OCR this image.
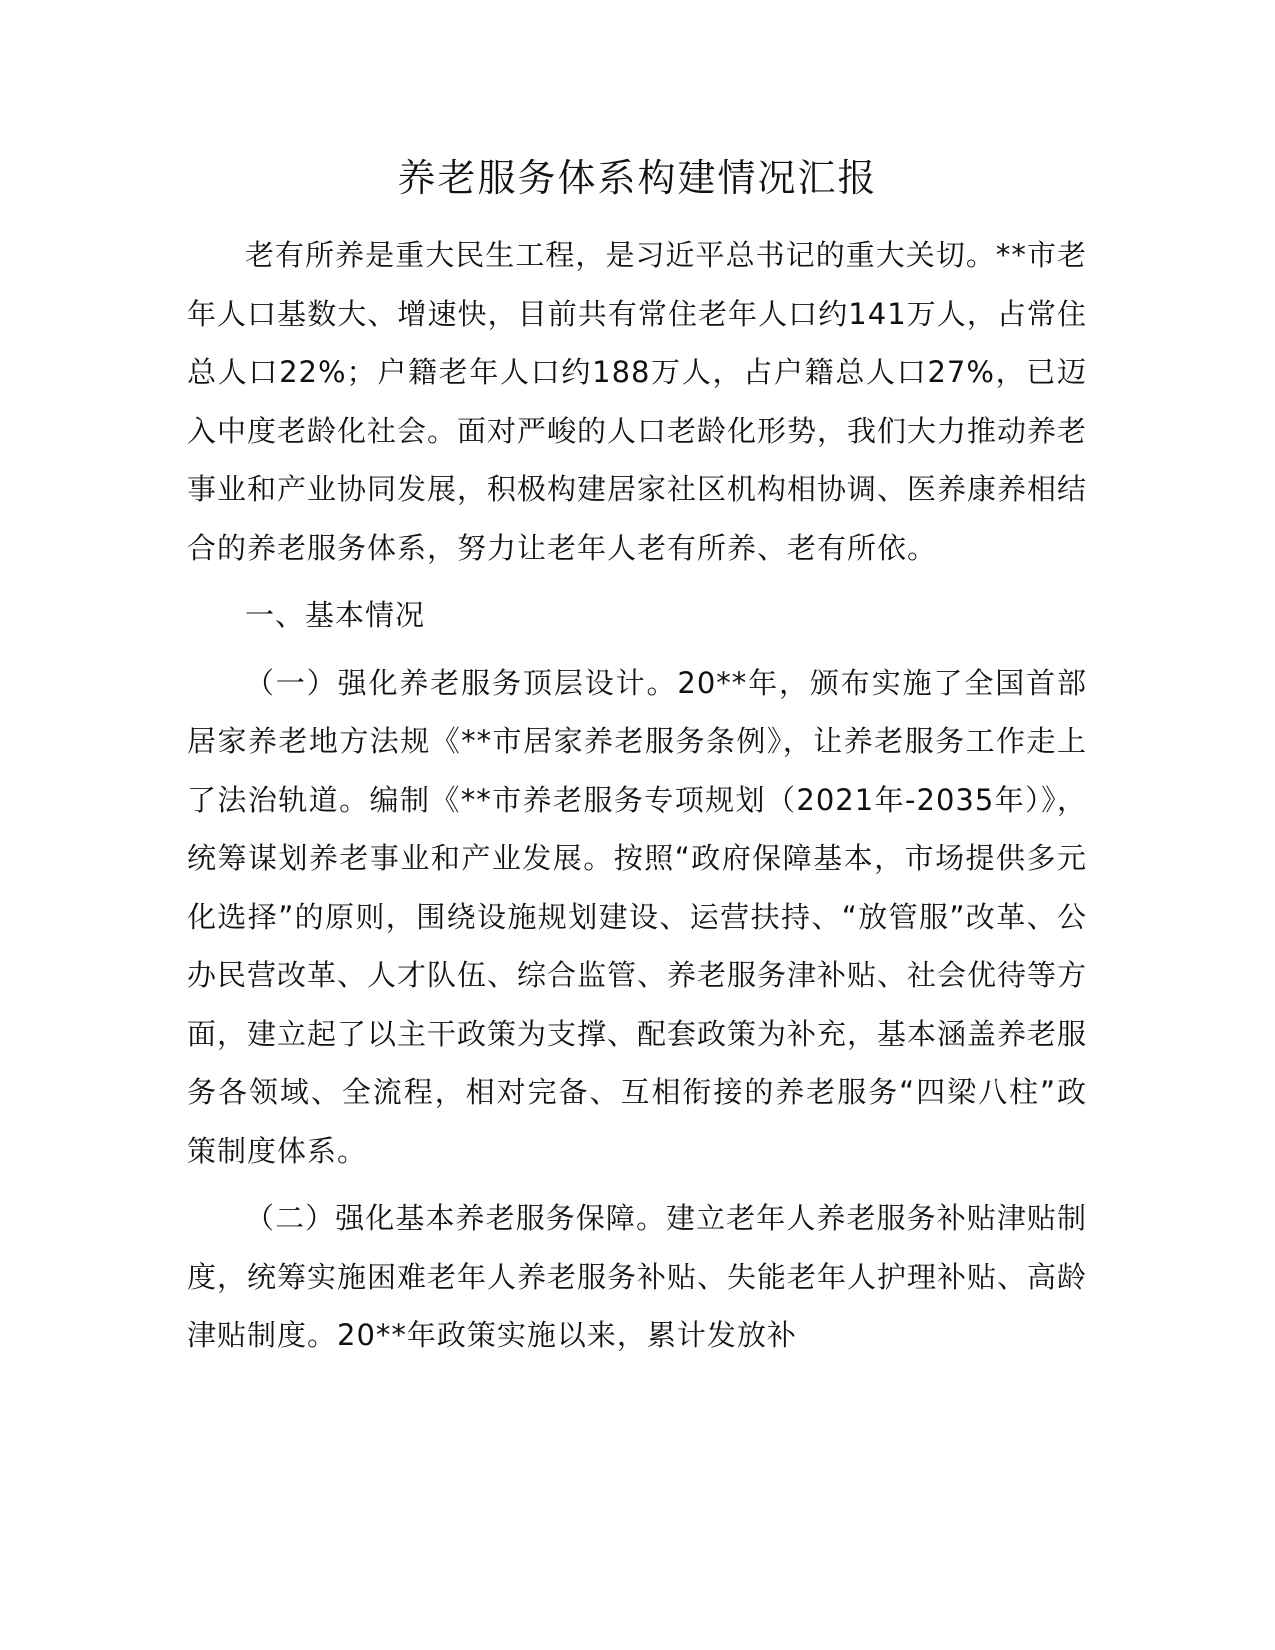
养老服务体系构建情况汇报

老有所养是重大民生工程，是习近平总书记的重大关切。**市老年人口基数大、增速快，目前共有常住老年人口约141万人，占常住总人口22%；户籍老年人口约188万人，占户籍总人口27%，已迈入中度老龄化社会。面对严峻的人口老龄化形势，我们大力推动养老事业和产业协同发展，积极构建居家社区机构相协调、医养康养相结合的养老服务体系，努力让老年人老有所养、老有所依。

一、基本情况

（一）强化养老服务顶层设计。20**年，颁布实施了全国首部居家养老地方法规《**市居家养老服务条例》，让养老服务工作走上了法治轨道。编制《**市养老服务专项规划（2021年-2035年）》，统筹谋划养老事业和产业发展。按照“政府保障基本，市场提供多元化选择”的原则，围绕设施规划建设、运营扶持、“放管服”改革、公办民营改革、人才队伍、综合监管、养老服务津补贴、社会优待等方面，建立起了以主干政策为支撑、配套政策为补充，基本涵盖养老服务各领域、全流程，相对完备、互相衔接的养老服务“四梁八柱”政策制度体系。

（二）强化基本养老服务保障。建立老年人养老服务补贴津贴制度，统筹实施困难老年人养老服务补贴、失能老年人护理补贴、高龄津贴制度。20**年政策实施以来，累计发放补
